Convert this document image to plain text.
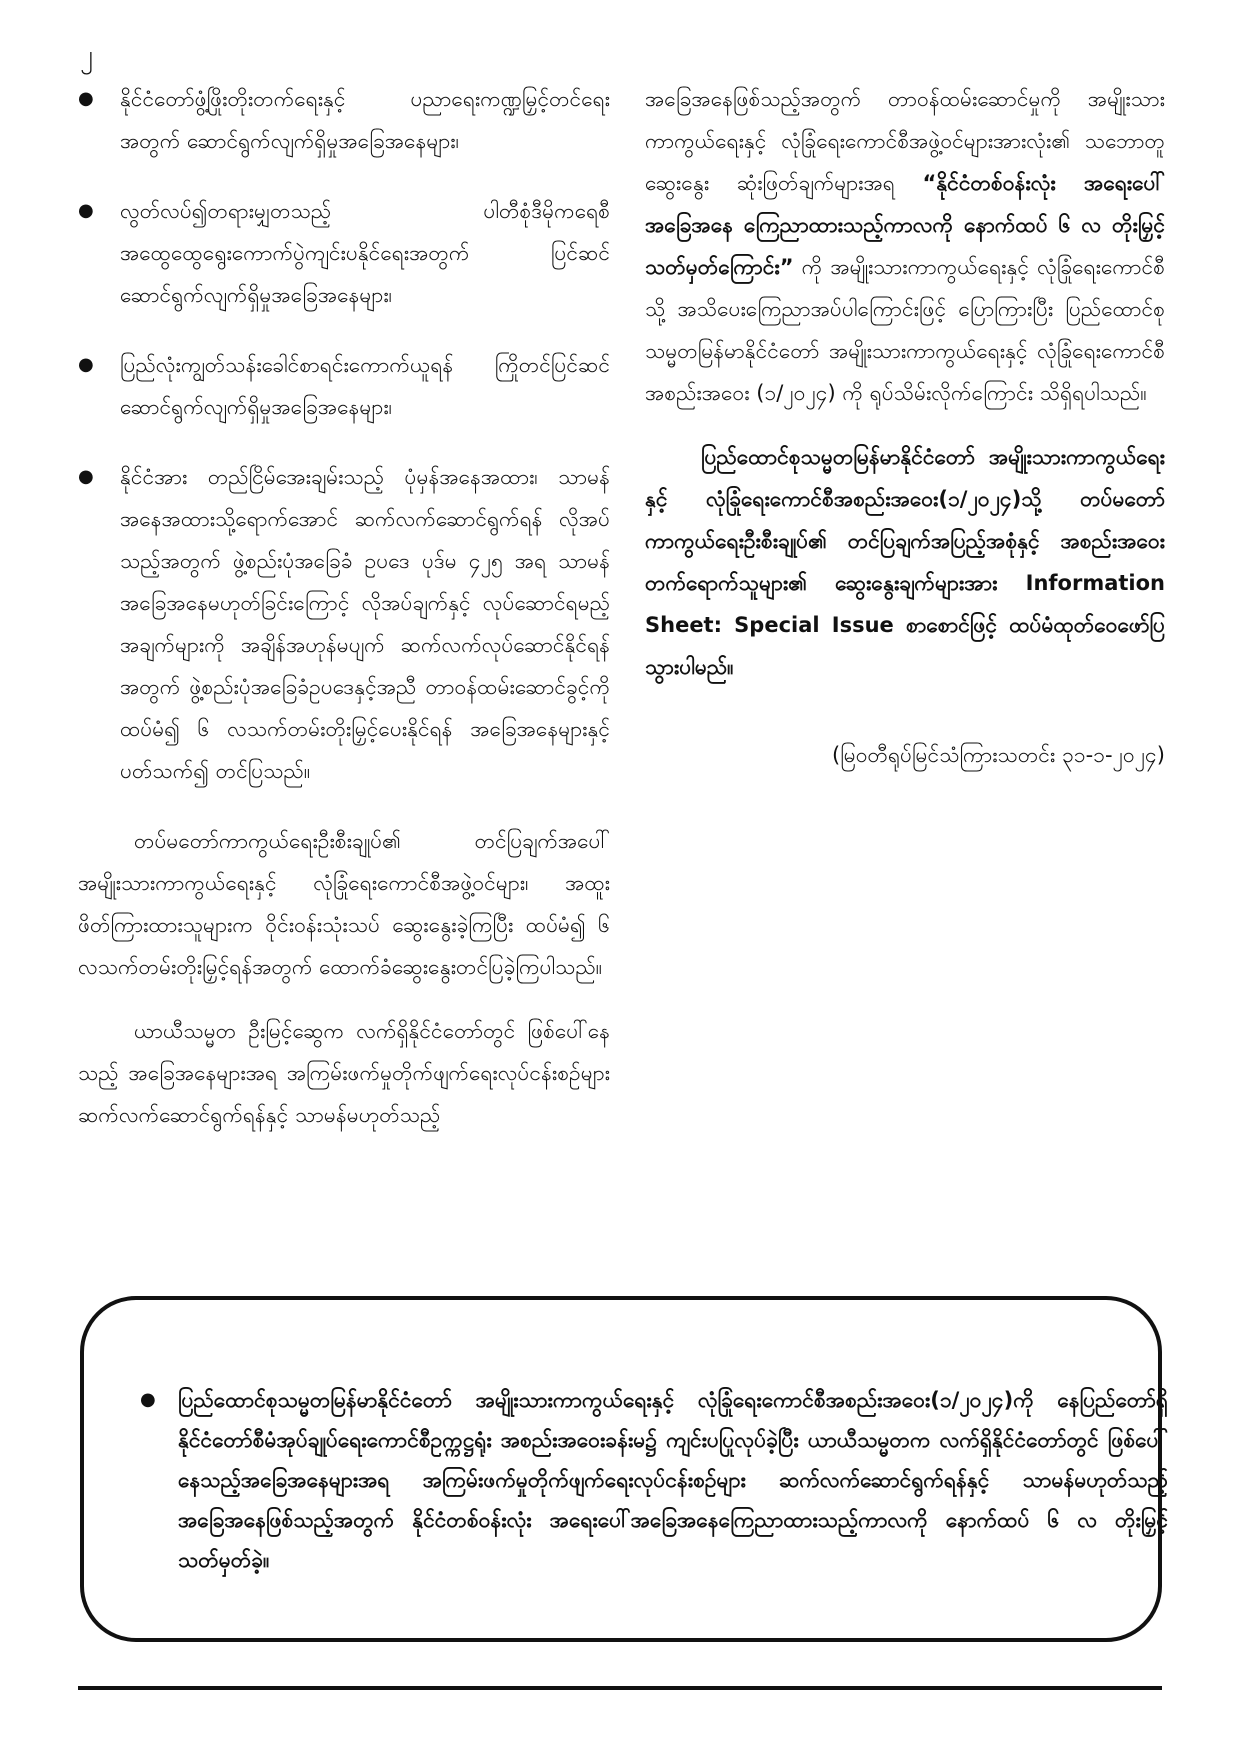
၂
● နိုင်ငံတော်ဖွံ့ဖြိုးတိုးတက်ရေးနှင့် ပညာရေးကဏ္ဍမြှင့်တင်ရေးအတွက် ဆောင်ရွက်လျက်ရှိမှုအခြေအနေများ၊
● လွတ်လပ်၍တရားမျှတသည့် ပါတီစုံဒီမိုကရေစီအထွေထွေရွေးကောက်ပွဲကျင်းပနိုင်ရေးအတွက် ပြင်ဆင်ဆောင်ရွက်လျက်ရှိမှုအခြေအနေများ၊
● ပြည်လုံးကျွတ်သန်းခေါင်စာရင်းကောက်ယူရန် ကြိုတင်ပြင်ဆင်ဆောင်ရွက်လျက်ရှိမှုအခြေအနေများ၊
● နိုင်ငံအား တည်ငြိမ်အေးချမ်းသည့် ပုံမှန်အနေအထား၊ သာမန်အနေအထားသို့ရောက်အောင် ဆက်လက်ဆောင်ရွက်ရန် လိုအပ်သည့်အတွက် ဖွဲ့စည်းပုံအခြေခံ ဥပဒေ ပုဒ်မ ၄၂၅ အရ သာမန်အခြေအနေမဟုတ်ခြင်းကြောင့် လိုအပ်ချက်နှင့် လုပ်ဆောင်ရမည့်အချက်များကို အချိန်အဟုန်မပျက် ဆက်လက်လုပ်ဆောင်နိုင်ရန်အတွက် ဖွဲ့စည်းပုံအခြေခံဥပဒေနှင့်အညီ တာဝန်ထမ်းဆောင်ခွင့်ကို ထပ်မံ၍ ၆ လသက်တမ်းတိုးမြှင့်ပေးနိုင်ရန် အခြေအနေများနှင့်ပတ်သက်၍ တင်ပြသည်။

တပ်မတော်ကာကွယ်ရေးဦးစီးချုပ်၏ တင်ပြချက်အပေါ် အမျိုးသားကာကွယ်ရေးနှင့် လုံခြုံရေးကောင်စီအဖွဲ့ဝင်များ၊ အထူးဖိတ်ကြားထားသူများက ဝိုင်းဝန်းသုံးသပ် ဆွေးနွေးခဲ့ကြပြီး ထပ်မံ၍ ၆ လသက်တမ်းတိုးမြှင့်ရန်အတွက် ထောက်ခံဆွေးနွေးတင်ပြခဲ့ကြပါသည်။

ယာယီသမ္မတ ဦးမြင့်ဆွေက လက်ရှိနိုင်ငံတော်တွင် ဖြစ်ပေါ်နေသည့် အခြေအနေများအရ အကြမ်းဖက်မှုတိုက်ဖျက်ရေးလုပ်ငန်းစဉ်များ ဆက်လက်ဆောင်ရွက်ရန်နှင့် သာမန်မဟုတ်သည့်

အခြေအနေဖြစ်သည့်အတွက် တာဝန်ထမ်းဆောင်မှုကို အမျိုးသားကာကွယ်ရေးနှင့် လုံခြုံရေးကောင်စီအဖွဲ့ဝင်များအားလုံး၏ သဘောတူဆွေးနွေး ဆုံးဖြတ်ချက်များအရ “နိုင်ငံတစ်ဝန်းလုံး အရေးပေါ်အခြေအနေ ကြေညာထားသည့်ကာလကို နောက်ထပ် ၆ လ တိုးမြှင့်သတ်မှတ်ကြောင်း” ကို အမျိုးသားကာကွယ်ရေးနှင့် လုံခြုံရေးကောင်စီသို့ အသိပေးကြေညာအပ်ပါကြောင်းဖြင့် ပြောကြားပြီး ပြည်ထောင်စုသမ္မတမြန်မာနိုင်ငံတော် အမျိုးသားကာကွယ်ရေးနှင့် လုံခြုံရေးကောင်စီအစည်းအဝေး (၁/၂၀၂၄) ကို ရုပ်သိမ်းလိုက်ကြောင်း သိရှိရပါသည်။

ပြည်ထောင်စုသမ္မတမြန်မာနိုင်ငံတော် အမျိုးသားကာကွယ်ရေးနှင့် လုံခြုံရေးကောင်စီအစည်းအဝေး(၁/၂၀၂၄)သို့ တပ်မတော်ကာကွယ်ရေးဦးစီးချုပ်၏ တင်ပြချက်အပြည့်အစုံနှင့် အစည်းအဝေးတက်ရောက်သူများ၏ ဆွေးနွေးချက်များအား Information Sheet: Special Issue စာစောင်ဖြင့် ထပ်မံထုတ်ဝေဖော်ပြသွားပါမည်။

(မြဝတီရုပ်မြင်သံကြားသတင်း ၃၁-၁-၂၀၂၄)

● ပြည်ထောင်စုသမ္မတမြန်မာနိုင်ငံတော် အမျိုးသားကာကွယ်ရေးနှင့် လုံခြုံရေးကောင်စီအစည်းအဝေး(၁/၂၀၂၄)ကို နေပြည်တော်ရှိ နိုင်ငံတော်စီမံအုပ်ချုပ်ရေးကောင်စီဥက္ကဋ္ဌရုံး အစည်းအဝေးခန်းမ၌ ကျင်းပပြုလုပ်ခဲ့ပြီး ယာယီသမ္မတက လက်ရှိနိုင်ငံတော်တွင် ဖြစ်ပေါ်နေသည့်အခြေအနေများအရ အကြမ်းဖက်မှုတိုက်ဖျက်ရေးလုပ်ငန်းစဉ်များ ဆက်လက်ဆောင်ရွက်ရန်နှင့် သာမန်မဟုတ်သည့် အခြေအနေဖြစ်သည့်အတွက် နိုင်ငံတစ်ဝန်းလုံး အရေးပေါ်အခြေအနေကြေညာထားသည့်ကာလကို နောက်ထပ် ၆ လ တိုးမြှင့်သတ်မှတ်ခဲ့။
